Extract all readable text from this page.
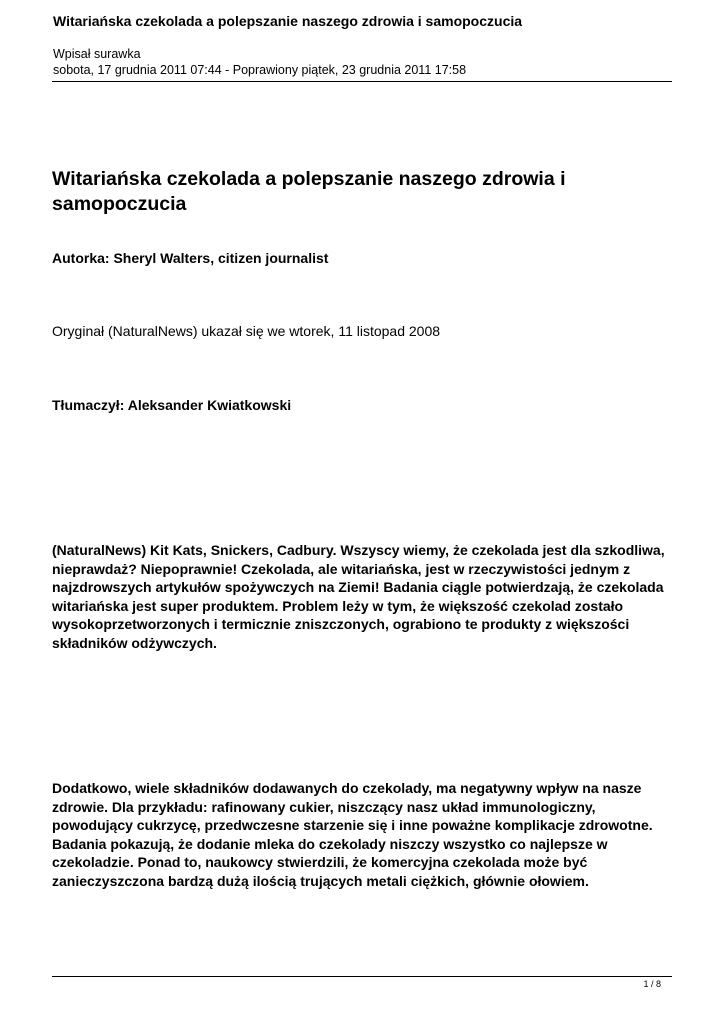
Witariańska czekolada a polepszanie naszego zdrowia i samopoczucia
Wpisał surawka
sobota, 17 grudnia 2011 07:44 - Poprawiony piątek, 23 grudnia 2011 17:58
Witariańska czekolada a polepszanie naszego zdrowia i samopoczucia
Autorka: Sheryl Walters, citizen journalist
Oryginał (NaturalNews) ukazał się we wtorek, 11 listopad 2008
Tłumaczył: Aleksander Kwiatkowski

(NaturalNews) Kit Kats, Snickers, Cadbury. Wszyscy wiemy, że czekolada jest dla szkodliwa, nieprawdaż? Niepoprawnie! Czekolada, ale witariańska, jest w rzeczywistości jednym z najzdrowszych artykułów spożywczych na Ziemi! Badania ciągle potwierdzają, że czekolada witariańska jest super produktem. Problem leży w tym, że większość czekolad zostało wysokoprzetworzonych i termicznie zniszczonych, ograbiono te produkty z większości składników odżywczych.

Dodatkowo, wiele składników dodawanych do czekolady, ma negatywny wpływ na nasze zdrowie. Dla przykładu: rafinowany cukier, niszczący nasz układ immunologiczny, powodujący cukrzycę, przedwczesne starzenie się i inne poważne komplikacje zdrowotne. Badania pokazują, że dodanie mleka do czekolady niszczy wszystko co najlepsze w czekoladzie. Ponad to, naukowcy stwierdzili, że komercyjna czekolada może być zanieczyszczona bardzą dużą ilością trujących metali ciężkich, głównie ołowiem.

1 / 8
